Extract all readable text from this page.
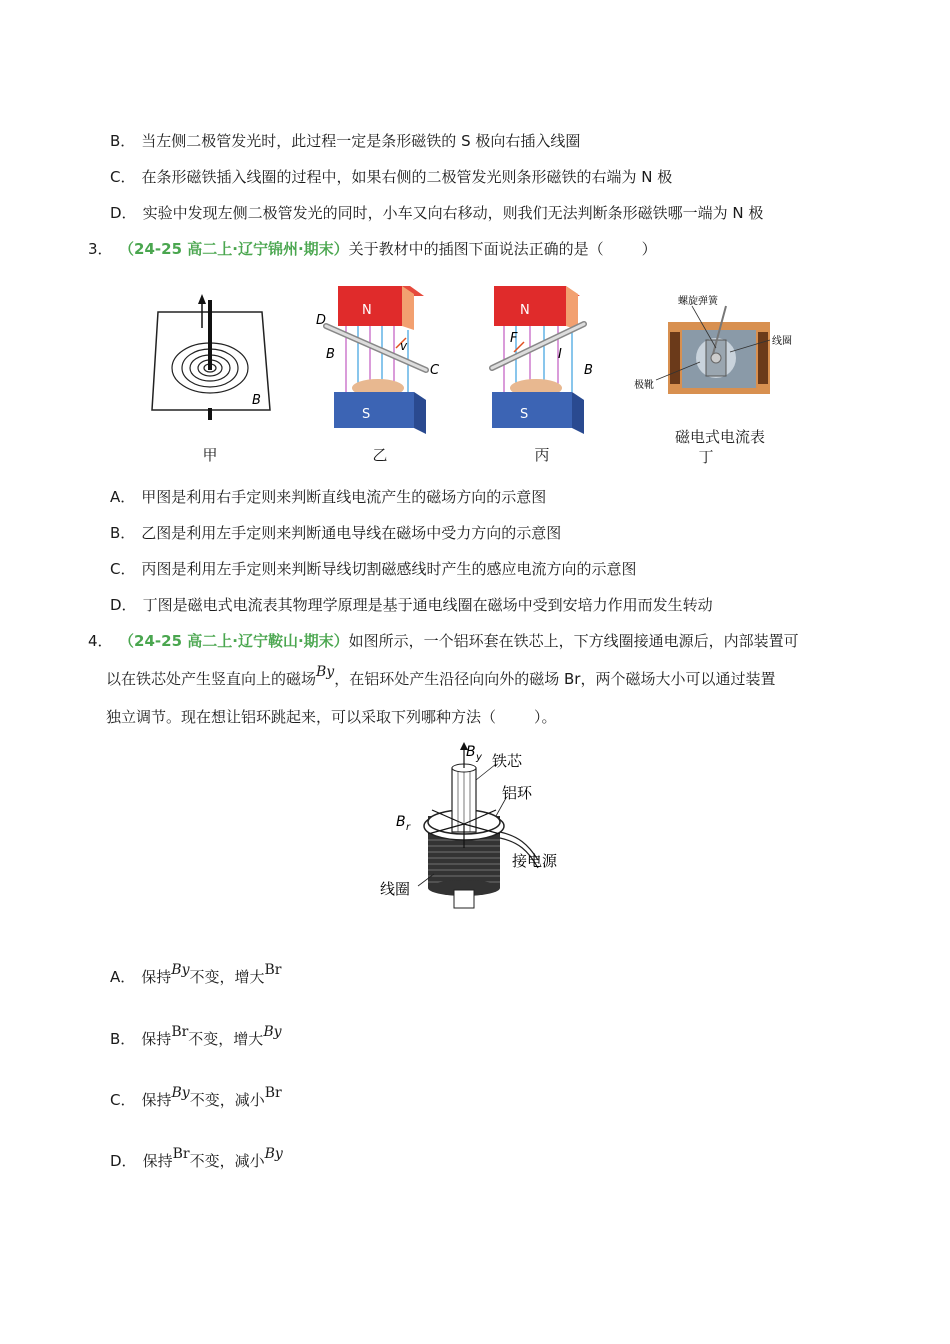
B． 当左侧二极管发光时，此过程一定是条形磁铁的 S 极向右插入线圈
C． 在条形磁铁插入线圈的过程中，如果右侧的二极管发光则条形磁铁的右端为 N 极
D． 实验中发现左侧二极管发光的同时，小车又向右移动，则我们无法判断条形磁铁哪一端为 N 极
3． （24-25 高二上·辽宁锦州·期末）关于教材中的插图下面说法正确的是（	）
B
甲
N
D
C
B
v
S
乙
N
F
I
B
S
丙
螺旋弹簧
线圈
极靴
磁电式电流表
丁
A． 甲图是利用右手定则来判断直线电流产生的磁场方向的示意图
B． 乙图是利用左手定则来判断通电导线在磁场中受力方向的示意图
C． 丙图是利用左手定则来判断导线切割磁感线时产生的感应电流方向的示意图
D． 丁图是磁电式电流表其物理学原理是基于通电线圈在磁场中受到安培力作用而发生转动
4． （24-25 高二上·辽宁鞍山·期末）如图所示，一个铝环套在铁芯上，下方线圈接通电源后，内部装置可
以在铁芯处产生竖直向上的磁场By，在铝环处产生沿径向向外的磁场 Br，两个磁场大小可以通过装置
独立调节。现在想让铝环跳起来，可以采取下列哪种方法（	）。
B y
B r
铁芯
铝环
接电源
线圈
A． 保持By不变，增大Br
B． 保持Br不变，增大By
C． 保持By不变，减小Br
D． 保持Br不变，减小By
